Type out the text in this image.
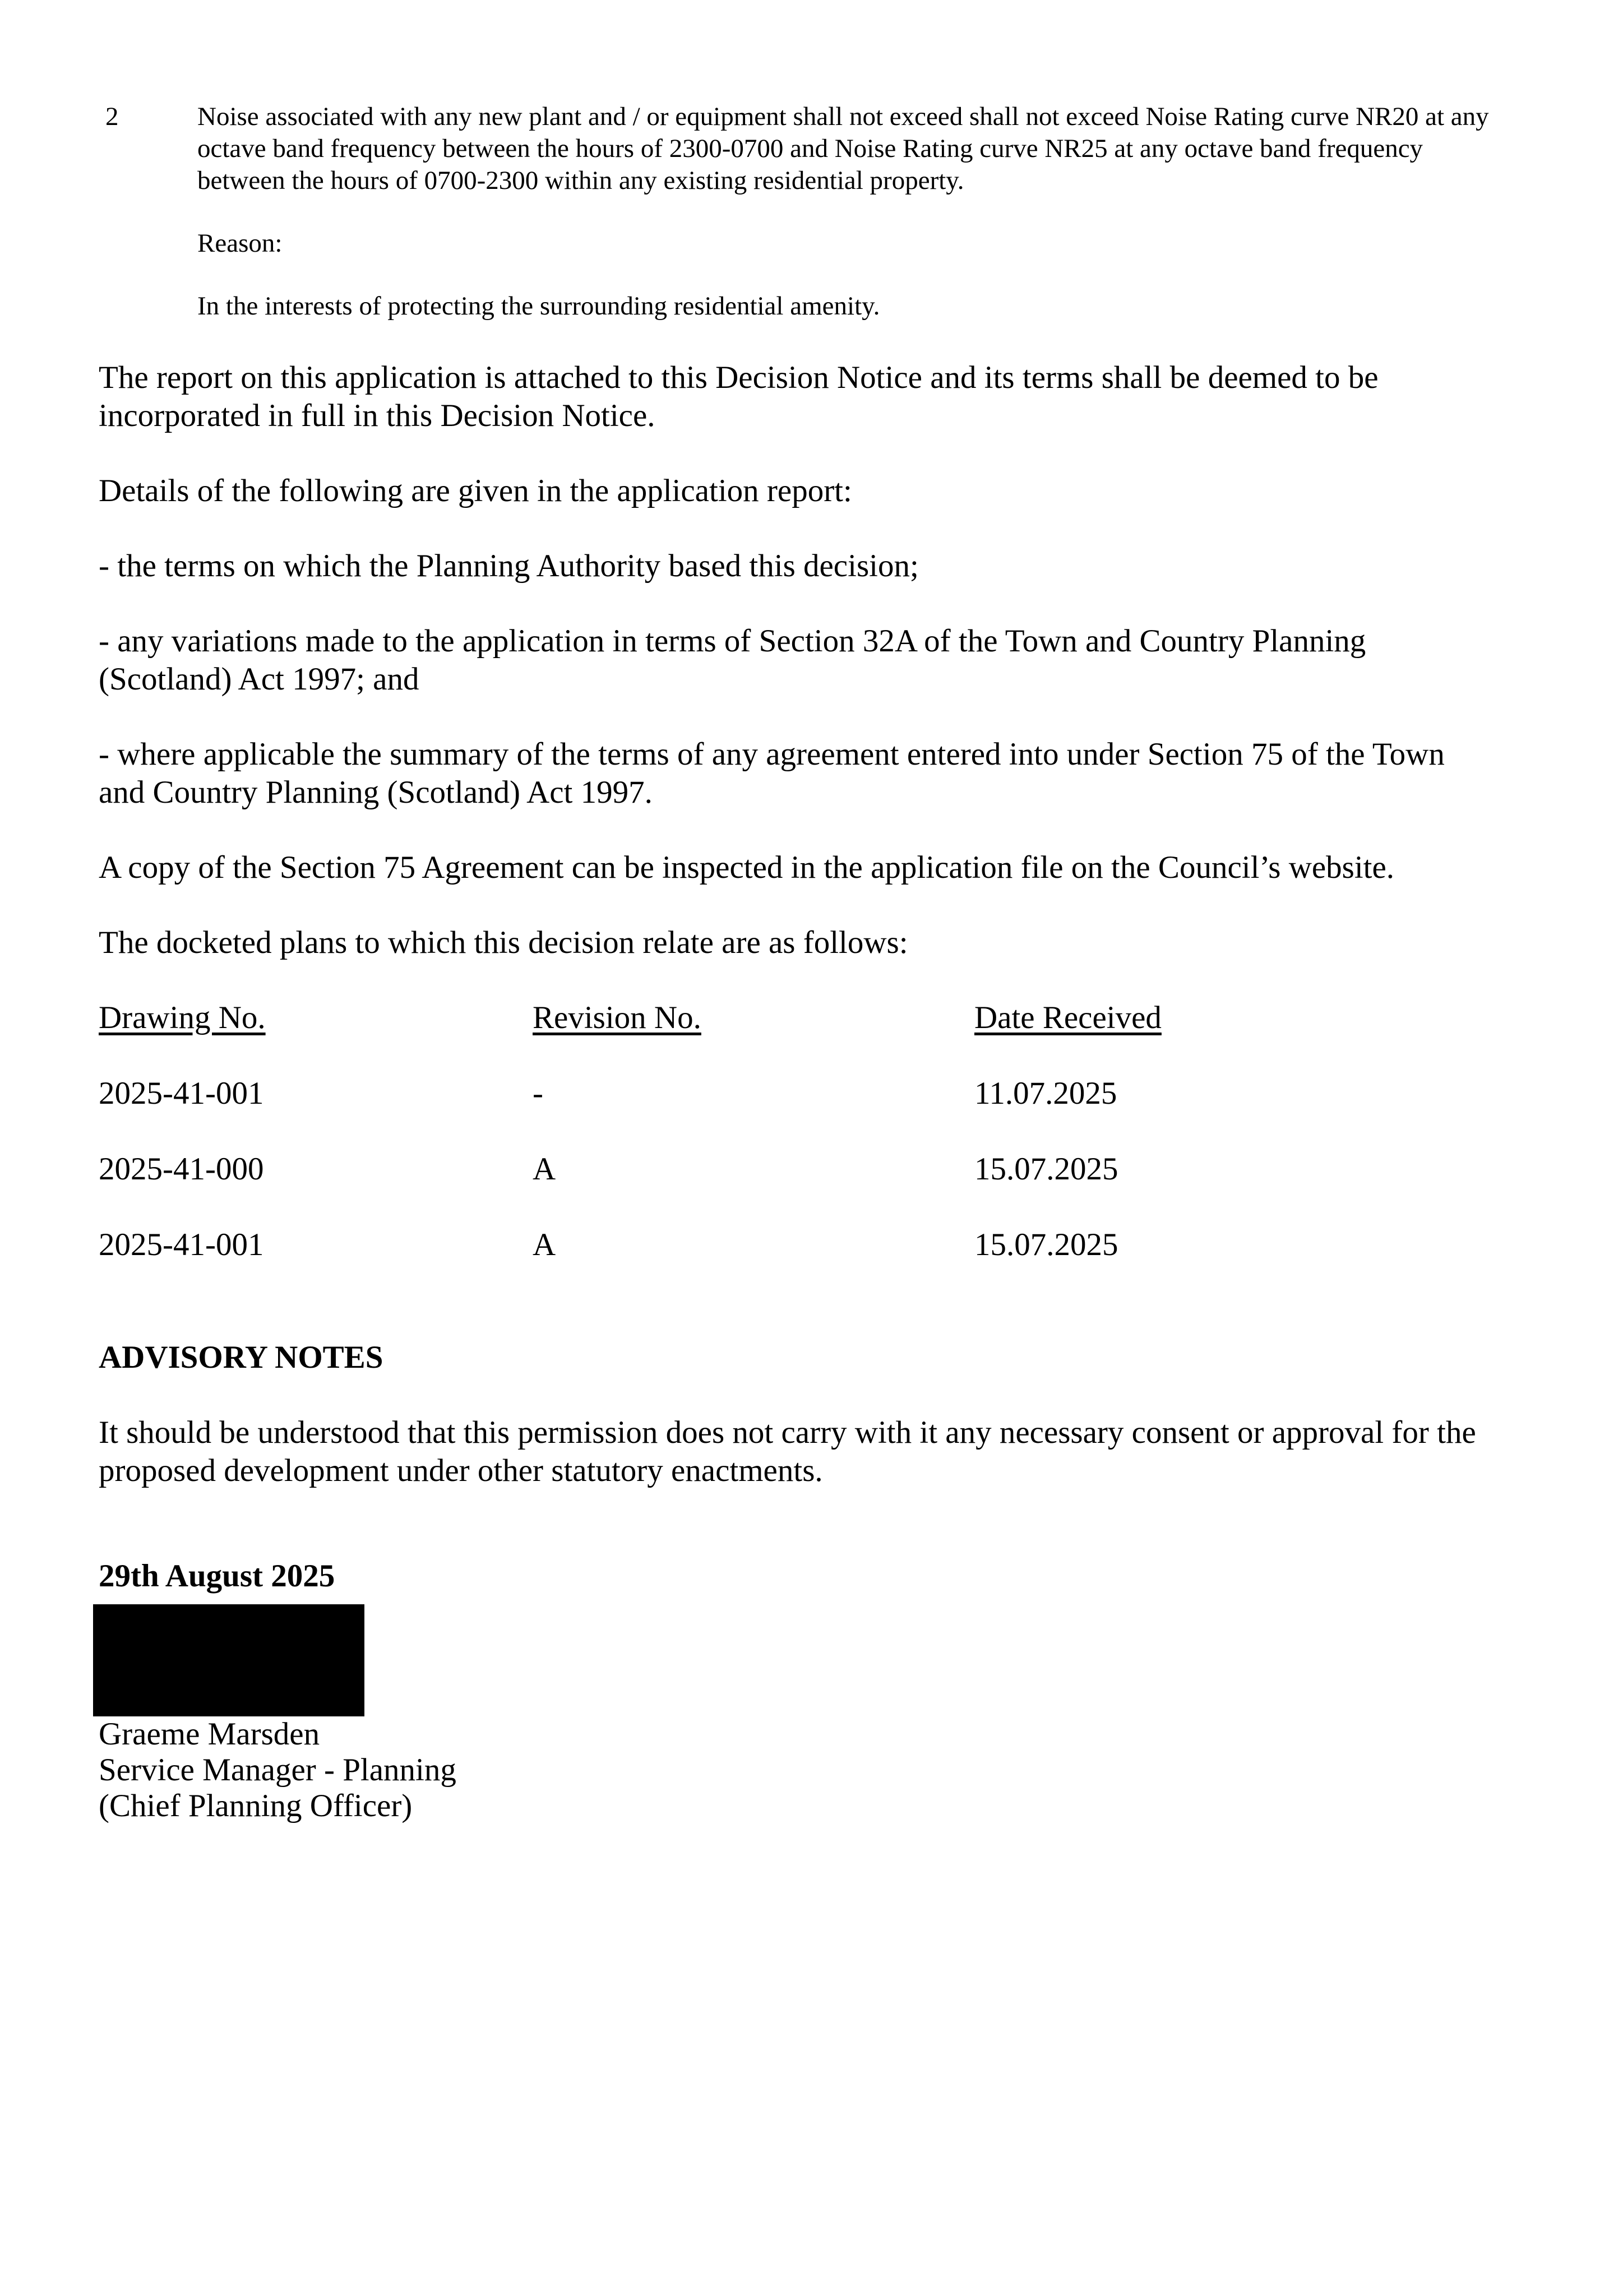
2	Noise associated with any new plant and / or equipment shall not exceed shall not exceed Noise Rating curve NR20 at any octave band frequency between the hours of 2300-0700 and Noise Rating curve NR25 at any octave band frequency between the hours of 0700-2300 within any existing residential property.

Reason:

In the interests of protecting the surrounding residential amenity.

The report on this application is attached to this Decision Notice and its terms shall be deemed to be incorporated in full in this Decision Notice.

Details of the following are given in the application report:

- the terms on which the Planning Authority based this decision;

- any variations made to the application in terms of Section 32A of the Town and Country Planning (Scotland) Act 1997; and

- where applicable the summary of the terms of any agreement entered into under Section 75 of the Town and Country Planning (Scotland) Act 1997.

A copy of the Section 75 Agreement can be inspected in the application file on the Council’s website.

The docketed plans to which this decision relate are as follows:

Drawing No.	Revision No.	Date Received
2025-41-001	-	11.07.2025
2025-41-000	A	15.07.2025
2025-41-001	A	15.07.2025

ADVISORY NOTES

It should be understood that this permission does not carry with it any necessary consent or approval for the proposed development under other statutory enactments.

29th August 2025

Graeme Marsden
Service Manager - Planning
(Chief Planning Officer)
